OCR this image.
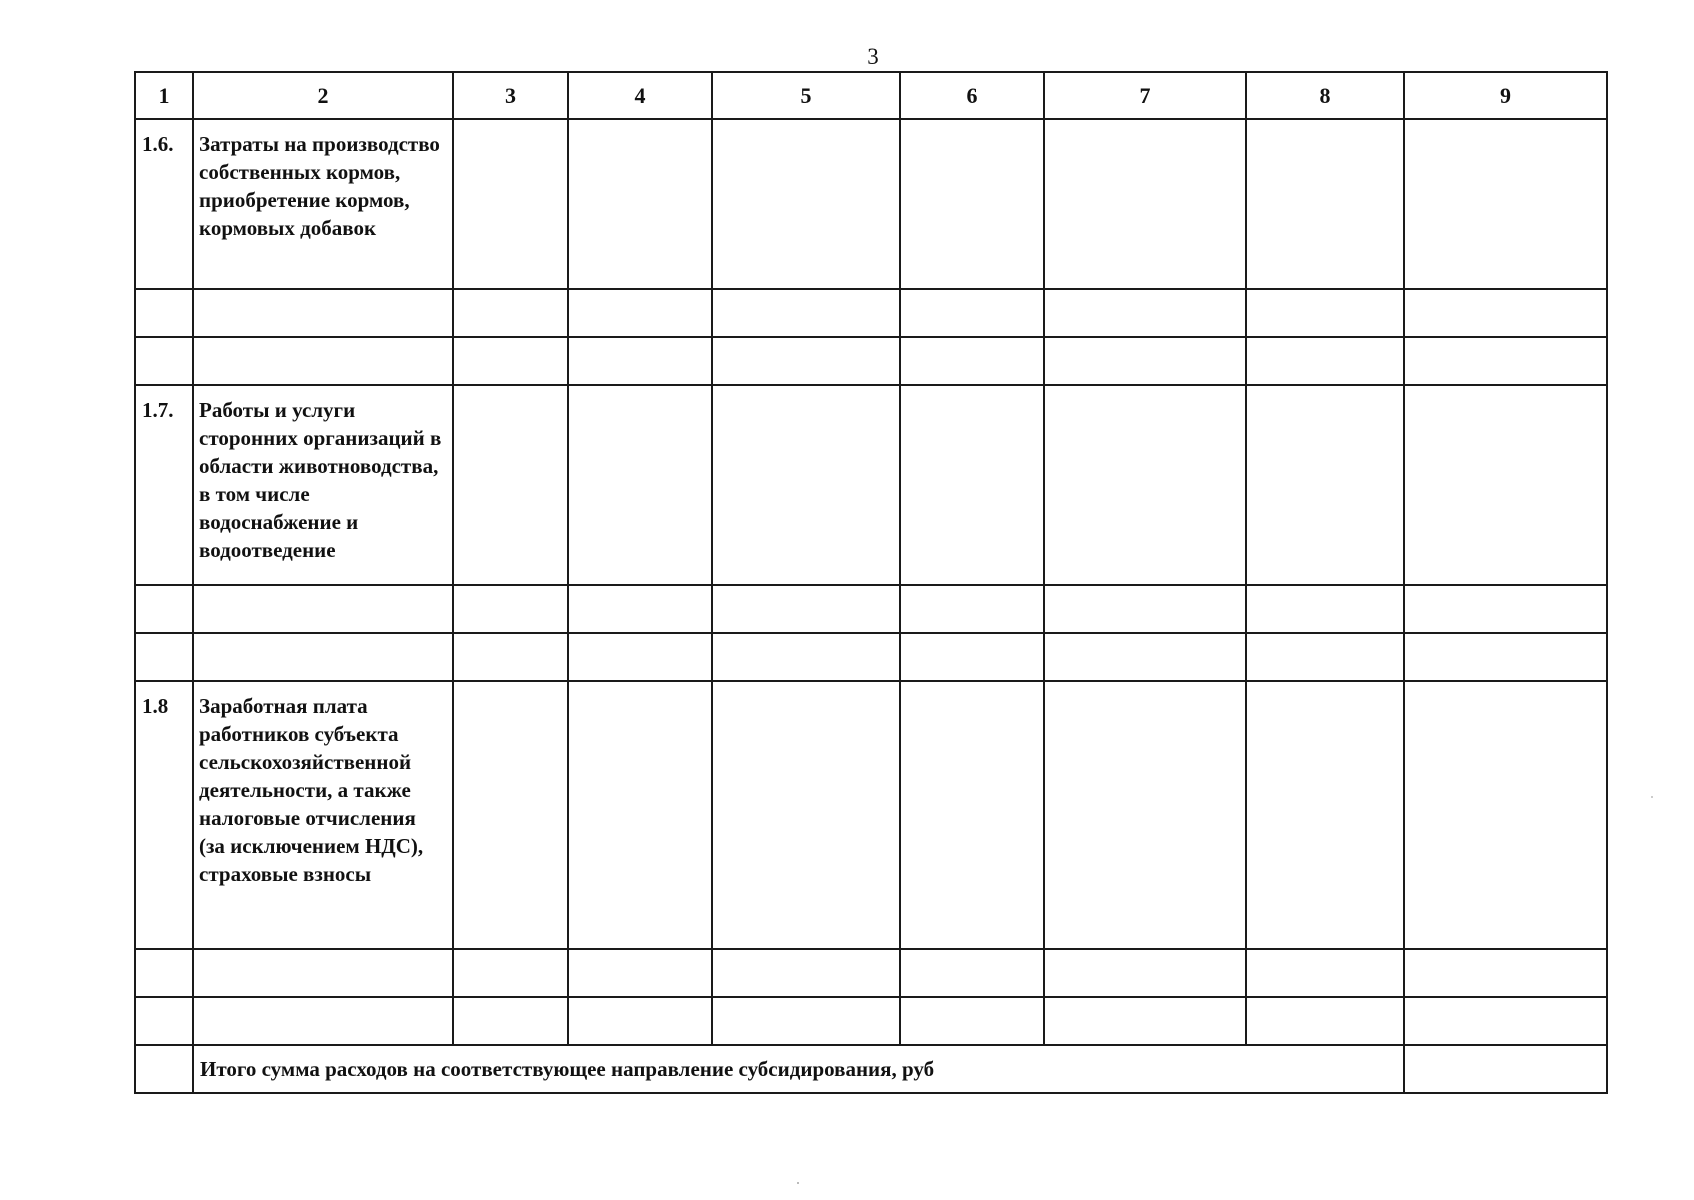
3
1	2	3	4	5	6	7	8	9
1.6.	Затраты на производство собственных кормов, приобретение кормов, кормовых добавок							

1.7.	Работы и услуги сторонних организаций в области животноводства, в том числе водоснабжение и водоотведение							

1.8	Заработная плата работников субъекта сельскохозяйственной деятельности, а также налоговые отчисления (за исключением НДС), страховые взносы							

	Итого сумма расходов на соответствующее направление субсидирования, руб							
